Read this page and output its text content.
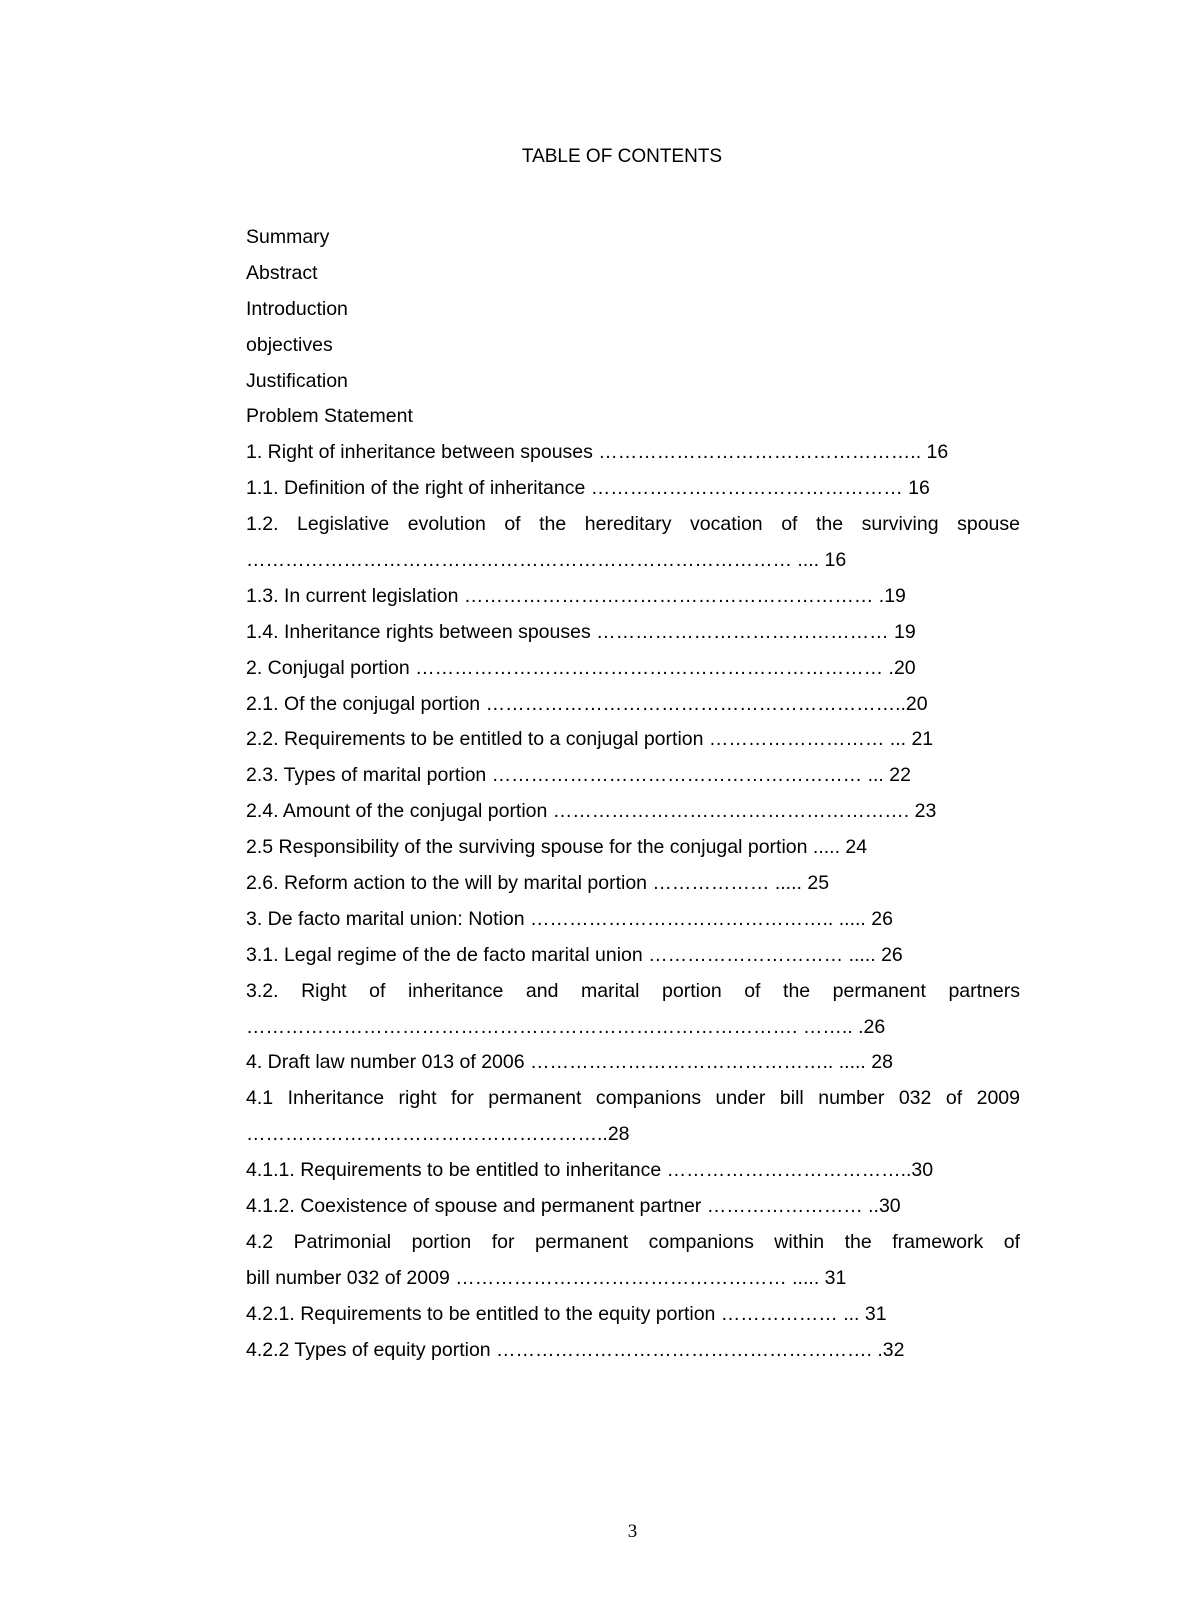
TABLE OF CONTENTS
Summary
Abstract
Introduction
objectives
Justification
Problem Statement
1. Right of inheritance between spouses ………………………………………….. 16
1.1. Definition of the right of inheritance ………………………………………… 16
1.2. Legislative evolution of the hereditary vocation of the surviving spouse
………………………………………………………………………… .... 16
1.3. In current legislation ……………………………………………………… .19
1.4. Inheritance rights between spouses ……………………………………… 19
2. Conjugal portion ……………………………………………………………… .20
2.1. Of the conjugal portion ………………………………………………………..20
2.2. Requirements to be entitled to a conjugal portion ……………………… ... 21
2.3. Types of marital portion ………………………………………………… ... 22
2.4. Amount of the conjugal portion ………………………………………………. 23
2.5 Responsibility of the surviving spouse for the conjugal portion ..... 24
2.6. Reform action to the will by marital portion ……………… ..... 25
3. De facto marital union: Notion ……………………………………….. ..... 26
3.1. Legal regime of the de facto marital union ………………………… ..... 26
3.2. Right of inheritance and marital portion of the permanent partners
…………………………………………………………………………. …….. .26
4. Draft law number 013 of 2006 ……………………………………….. ..... 28
4.1 Inheritance right for permanent companions under bill number 032 of 2009
………………………………………………..28
4.1.1. Requirements to be entitled to inheritance ………………………………..30
4.1.2. Coexistence of spouse and permanent partner …………………… ..30
4.2 Patrimonial portion for permanent companions within the framework of
bill number 032 of 2009 …………………………………………… ..... 31
4.2.1. Requirements to be entitled to the equity portion ……………… ... 31
4.2.2 Types of equity portion …………………………………………………. .32
3
